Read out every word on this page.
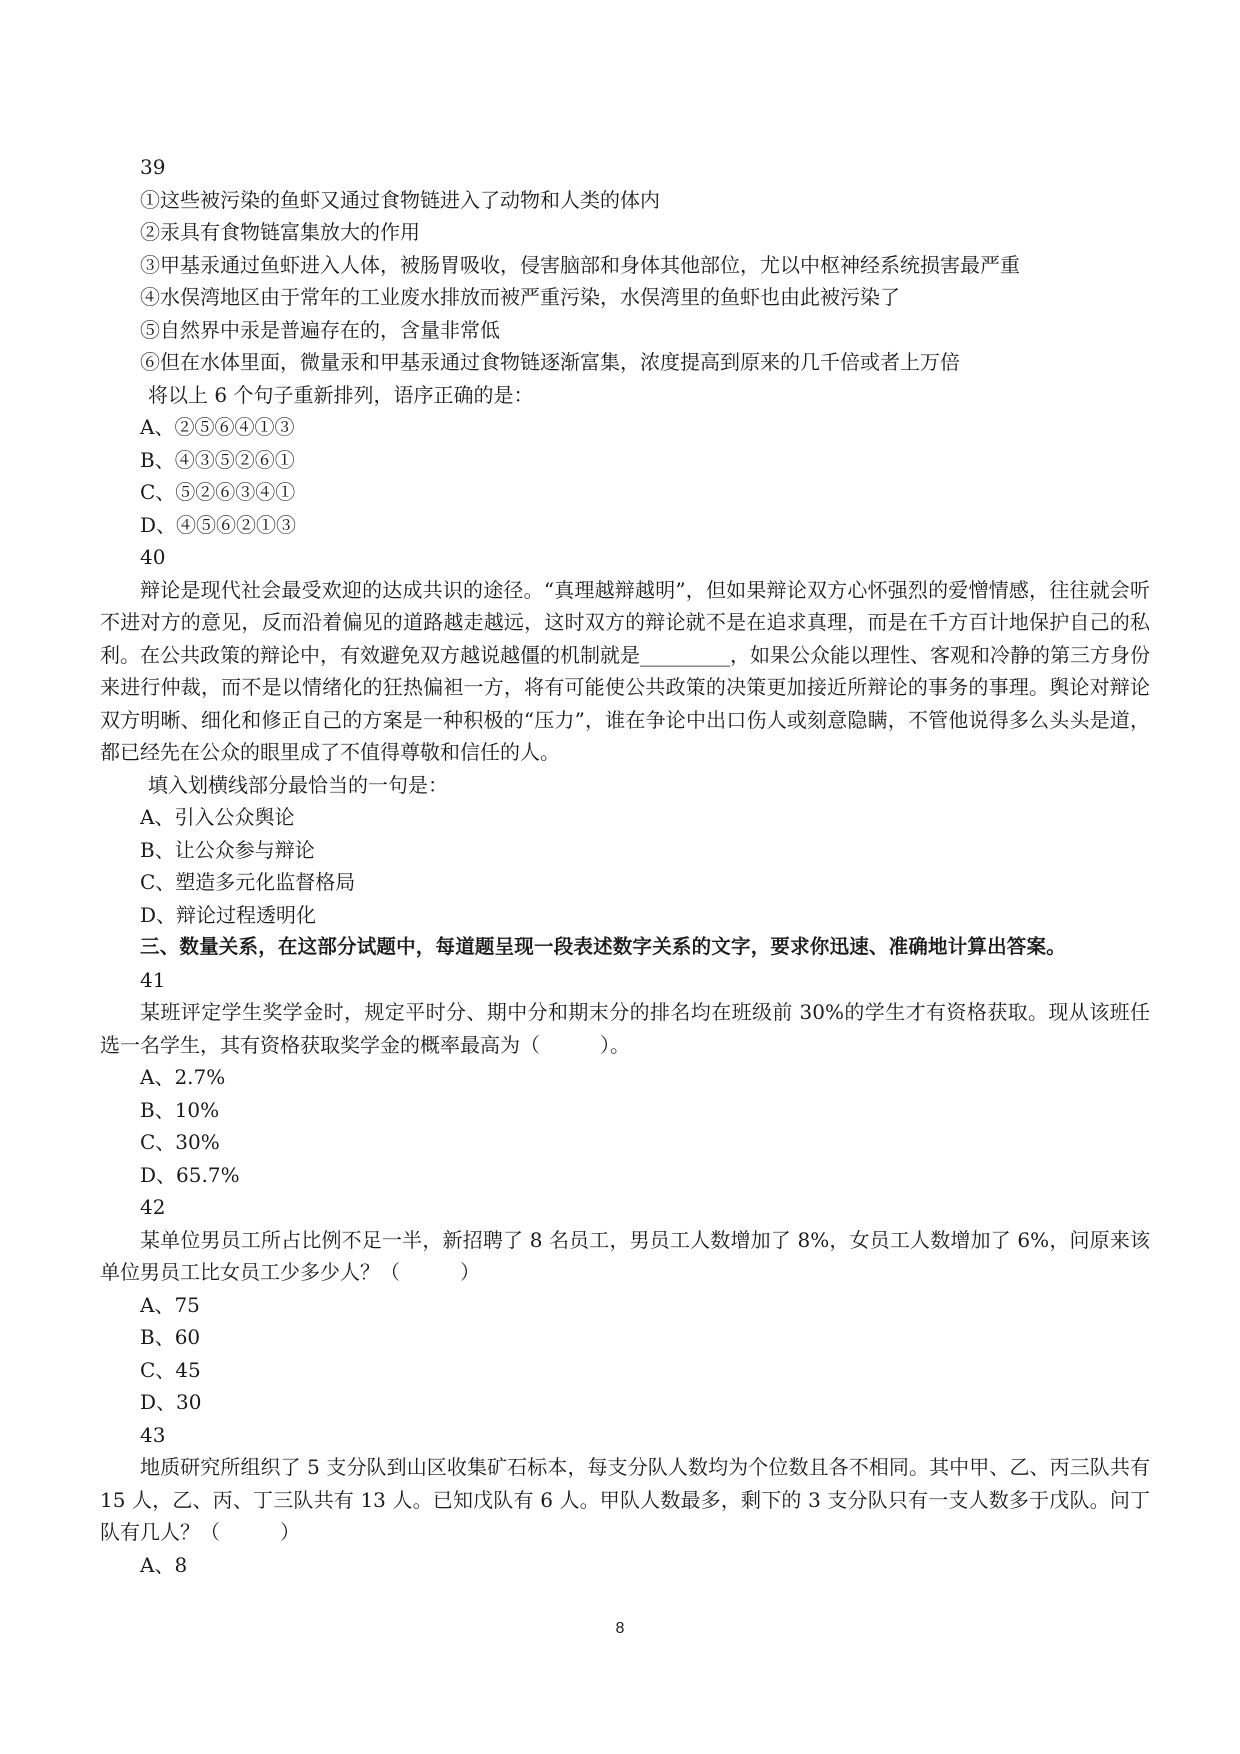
39
①这些被污染的鱼虾又通过食物链进入了动物和人类的体内
②汞具有食物链富集放大的作用
③甲基汞通过鱼虾进入人体，被肠胃吸收，侵害脑部和身体其他部位，尤以中枢神经系统损害最严重
④水俣湾地区由于常年的工业废水排放而被严重污染，水俣湾里的鱼虾也由此被污染了
⑤自然界中汞是普遍存在的，含量非常低
⑥但在水体里面，微量汞和甲基汞通过食物链逐渐富集，浓度提高到原来的几千倍或者上万倍
将以上 6 个句子重新排列，语序正确的是：
A、②⑤⑥④①③
B、④③⑤②⑥①
C、⑤②⑥③④①
D、④⑤⑥②①③
40
辩论是现代社会最受欢迎的达成共识的途径。“真理越辩越明”，但如果辩论双方心怀强烈的爱憎情感，往往就会听不进对方的意见，反而沿着偏见的道路越走越远，这时双方的辩论就不是在追求真理，而是在千方百计地保护自己的私利。在公共政策的辩论中，有效避免双方越说越僵的机制就是_________，如果公众能以理性、客观和冷静的第三方身份来进行仲裁，而不是以情绪化的狂热偏袒一方，将有可能使公共政策的决策更加接近所辩论的事务的事理。舆论对辩论双方明晰、细化和修正自己的方案是一种积极的“压力”，谁在争论中出口伤人或刻意隐瞒，不管他说得多么头头是道，都已经先在公众的眼里成了不值得尊敬和信任的人。
填入划横线部分最恰当的一句是：
A、引入公众舆论
B、让公众参与辩论
C、塑造多元化监督格局
D、辩论过程透明化
三、数量关系，在这部分试题中，每道题呈现一段表述数字关系的文字，要求你迅速、准确地计算出答案。
41
某班评定学生奖学金时，规定平时分、期中分和期末分的排名均在班级前 30%的学生才有资格获取。现从该班任选一名学生，其有资格获取奖学金的概率最高为（　　　）。
A、2.7%
B、10%
C、30%
D、65.7%
42
某单位男员工所占比例不足一半，新招聘了 8 名员工，男员工人数增加了 8%，女员工人数增加了 6%，问原来该单位男员工比女员工少多少人？（　　　）
A、75
B、60
C、45
D、30
43
地质研究所组织了 5 支分队到山区收集矿石标本，每支分队人数均为个位数且各不相同。其中甲、乙、丙三队共有 15 人，乙、丙、丁三队共有 13 人。已知戊队有 6 人。甲队人数最多，剩下的 3 支分队只有一支人数多于戊队。问丁队有几人？（　　　）
A、8
8
